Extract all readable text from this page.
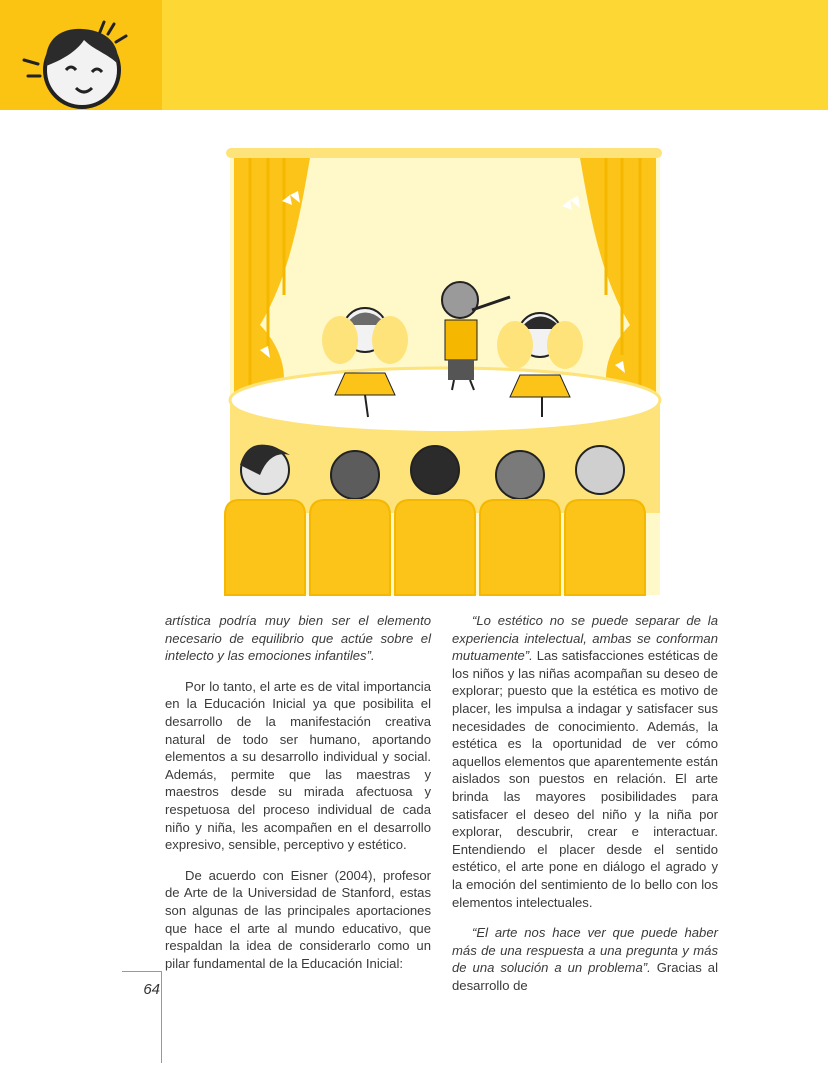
artística podría muy bien ser el elemento necesario de equilibrio que actúe sobre el intelecto y las emociones infantiles”.

Por lo tanto, el arte es de vital importancia en la Educación Inicial ya que posibilita el desarrollo de la manifestación creativa natural de todo ser humano, aportando elementos a su desarrollo individual y social. Además, permite que las maestras y maestros desde su mirada afectuosa y respetuosa del proceso individual de cada niño y niña, les acompañen en el desarrollo expresivo, sensible, perceptivo y estético.

De acuerdo con Eisner (2004), profesor de Arte de la Universidad de Stanford, estas son algunas de las principales aportaciones que hace el arte al mundo educativo, que respaldan la idea de considerarlo como un pilar fundamental de la Educación Inicial:

“Lo estético no se puede separar de la experiencia intelectual, ambas se conforman mutuamente”. Las satisfacciones estéticas de los niños y las niñas acompañan su deseo de explorar; puesto que la estética es motivo de placer, les impulsa a indagar y satisfacer sus necesidades de conocimiento. Además, la estética es la oportunidad de ver cómo aquellos elementos que aparentemente están aislados son puestos en relación. El arte brinda las mayores posibilidades para satisfacer el deseo del niño y la niña por explorar, descubrir, crear e interactuar. Entendiendo el placer desde el sentido estético, el arte pone en diálogo el agrado y la emoción del sentimiento de lo bello con los elementos intelectuales.

“El arte nos hace ver que puede haber más de una respuesta a una pregunta y más de una solución a un problema”. Gracias al desarrollo de

64
